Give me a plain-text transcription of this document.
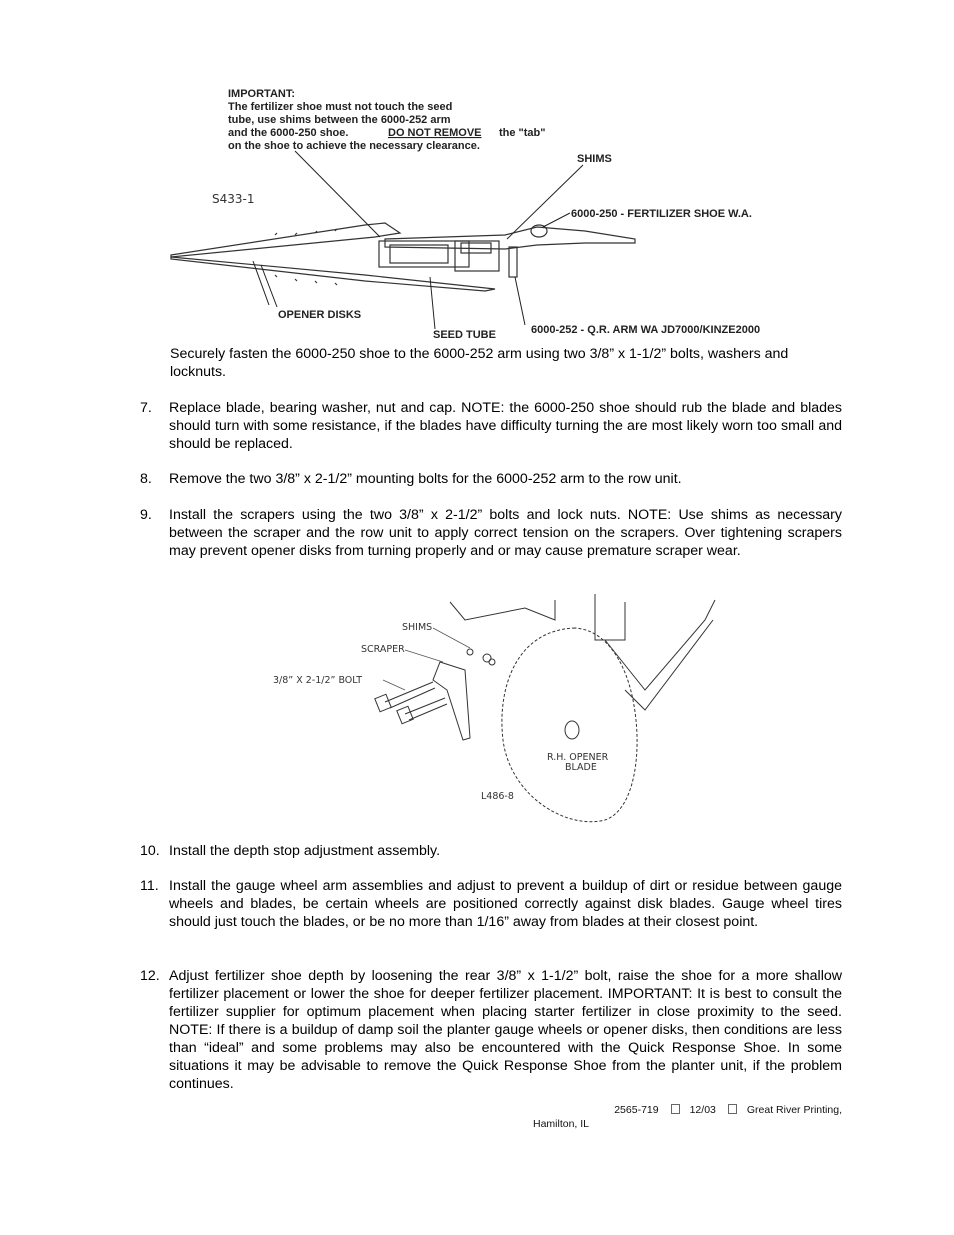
IMPORTANT:
The fertilizer shoe must not touch the seed
tube, use shims between the 6000-252 arm
and the 6000-250 shoe.	DO NOT REMOVE the "tab"
on the shoe to achieve the necessary clearance.
SHIMS
S433-1
6000-250 - FERTILIZER SHOE W.A.
OPENER DISKS
SEED TUBE	6000-252 - Q.R. ARM WA JD7000/KINZE2000
Securely fasten the 6000-250 shoe to the 6000-252 arm using two 3/8” x 1-1/2” bolts, washers and locknuts.
7. Replace blade, bearing washer, nut and cap. NOTE: the 6000-250 shoe should rub the blade and blades should turn with some resistance, if the blades have difficulty turning the are most likely worn too small and should be replaced.
8. Remove the two 3/8” x 2-1/2” mounting bolts for the 6000-252 arm to the row unit.
9. Install the scrapers using the two 3/8” x 2-1/2” bolts and lock nuts. NOTE: Use shims as necessary between the scraper and the row unit to apply correct tension on the scrapers. Over tightening scrapers may prevent opener disks from turning properly and or may cause premature scraper wear.
SHIMS
SCRAPER
3/8” X 2-1/2” BOLT
R.H. OPENER
BLADE
L486-8
10. Install the depth stop adjustment assembly.
11. Install the gauge wheel arm assemblies and adjust to prevent a buildup of dirt or residue between gauge wheels and blades, be certain wheels are positioned correctly against disk blades. Gauge wheel tires should just touch the blades, or be no more than 1/16” away from blades at their closest point.
12. Adjust fertilizer shoe depth by loosening the rear 3/8” x 1-1/2” bolt, raise the shoe for a more shallow fertilizer placement or lower the shoe for deeper fertilizer placement. IMPORTANT: It is best to consult the fertilizer supplier for optimum placement when placing starter fertilizer in close proximity to the seed. NOTE: If there is a buildup of damp soil the planter gauge wheels or opener disks, then conditions are less than “ideal” and some problems may also be encountered with the Quick Response Shoe. In some situations it may be advisable to remove the Quick Response Shoe from the planter unit, if the problem continues.
2565-719	12/03	Great River Printing,
Hamilton, IL
